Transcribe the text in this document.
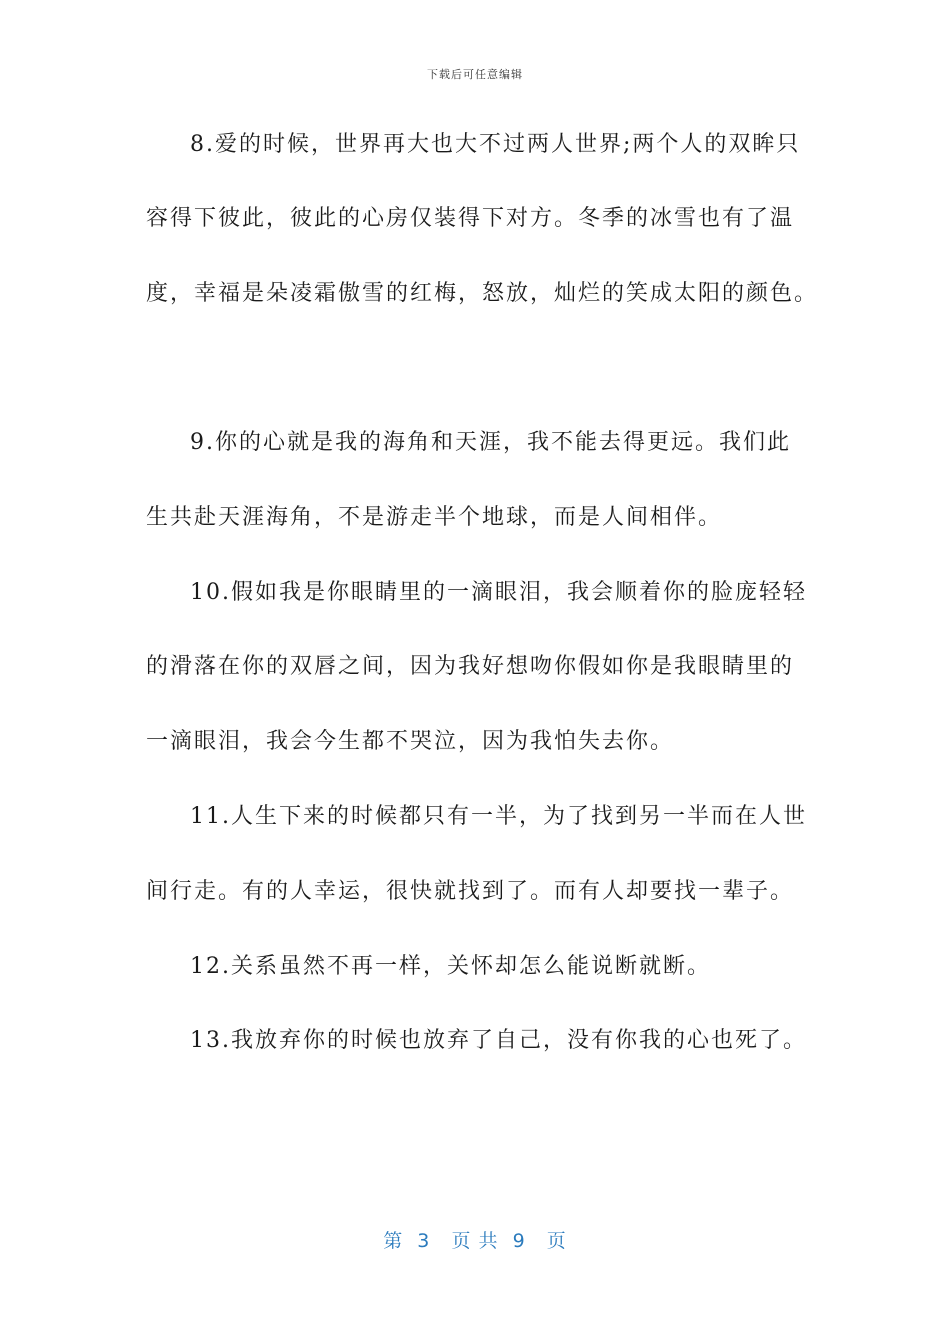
下载后可任意编辑
8.爱的时候，世界再大也大不过两人世界;两个人的双眸只
容得下彼此，彼此的心房仅装得下对方。冬季的冰雪也有了温
度，幸福是朵凌霜傲雪的红梅，怒放，灿烂的笑成太阳的颜色。
9.你的心就是我的海角和天涯，我不能去得更远。我们此
生共赴天涯海角，不是游走半个地球，而是人间相伴。
10.假如我是你眼睛里的一滴眼泪，我会顺着你的脸庞轻轻
的滑落在你的双唇之间，因为我好想吻你假如你是我眼睛里的
一滴眼泪，我会今生都不哭泣，因为我怕失去你。
11.人生下来的时候都只有一半，为了找到另一半而在人世
间行走。有的人幸运，很快就找到了。而有人却要找一辈子。
12.关系虽然不再一样，关怀却怎么能说断就断。
13.我放弃你的时候也放弃了自己，没有你我的心也死了。
第  3   页 共  9   页
